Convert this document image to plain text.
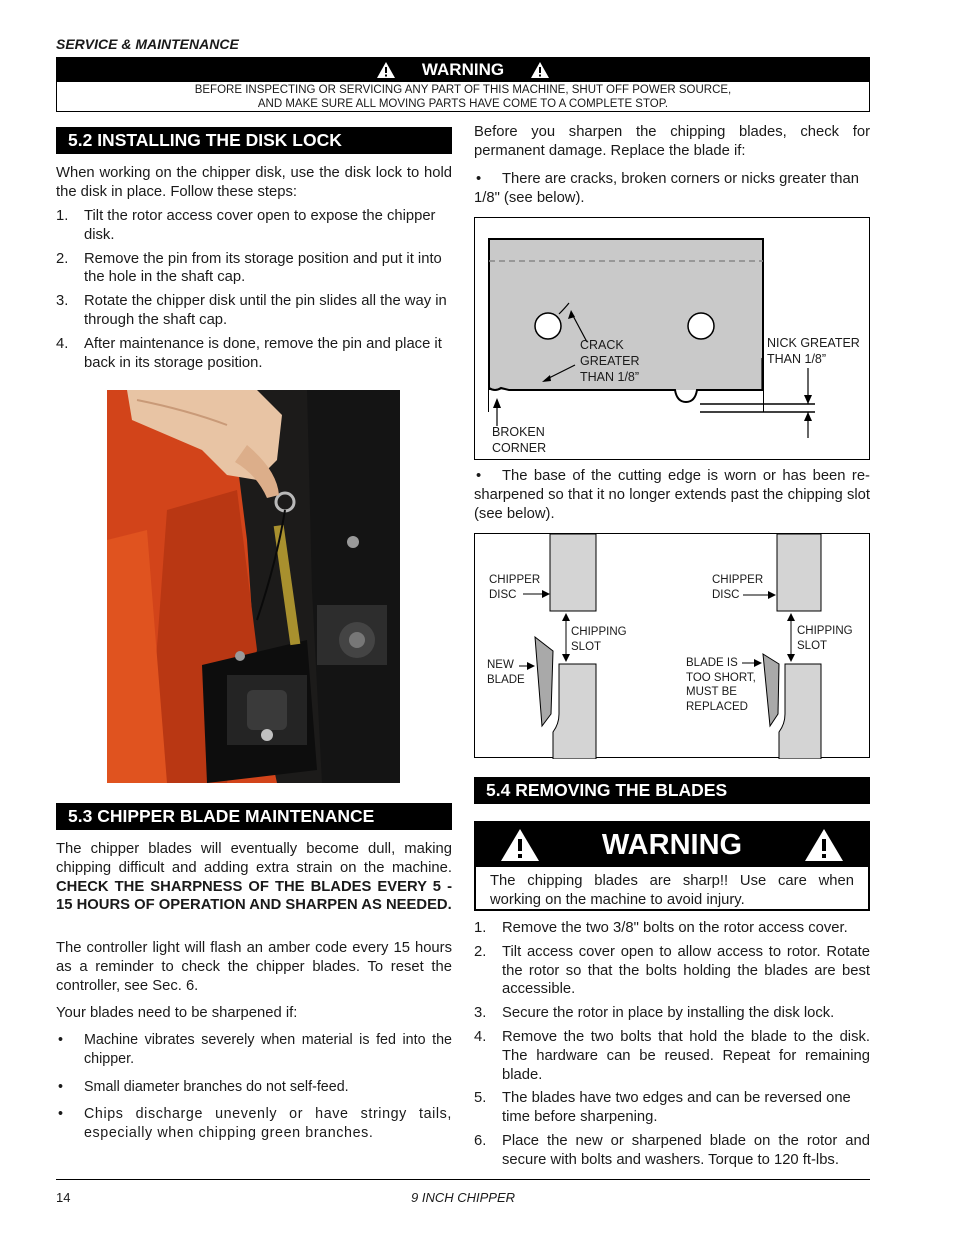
SERVICE & MAINTENANCE
WARNING
BEFORE INSPECTING OR SERVICING ANY PART OF THIS MACHINE, SHUT OFF POWER SOURCE,
AND MAKE SURE ALL MOVING PARTS HAVE COME TO A COMPLETE STOP.
5.2 INSTALLING THE DISK LOCK
When working on the chipper disk, use the disk lock to hold the disk in place. Follow these steps:
1. Tilt the rotor access cover open to expose the chipper disk.
2. Remove the pin from its storage position and put it into the hole in the shaft cap.
3. Rotate the chipper disk until the pin slides all the way in through the shaft cap.
4. After maintenance is done, remove the pin and place it back in its storage position.
5.3 CHIPPER BLADE MAINTENANCE
The chipper blades will eventually become dull, making chipping difficult and adding extra strain on the machine. CHECK THE SHARPNESS OF THE BLADES EVERY 5 - 15 HOURS OF OPERATION AND SHARPEN AS NEEDED.
The controller light will flash an amber code every 15 hours as a reminder to check the chipper blades. To reset the controller, see Sec. 6.
Your blades need to be sharpened if:
• Machine vibrates severely when material is fed into the chipper.
• Small diameter branches do not self-feed.
• Chips discharge unevenly or have stringy tails, especially when chipping green branches.
Before you sharpen the chipping blades, check for permanent damage. Replace the blade if:
•	There are cracks, broken corners or nicks greater than 1/8" (see below).
CRACK
GREATER
THAN 1/8”
NICK GREATER
THAN 1/8”
BROKEN
CORNER
•	The base of the cutting edge is worn or has been re-sharpened so that it no longer extends past the chipping slot (see below).
CHIPPER
DISC
CHIPPING
SLOT
NEW
BLADE
CHIPPER
DISC
CHIPPING
SLOT
BLADE IS
TOO SHORT,
MUST BE
REPLACED
5.4 REMOVING THE BLADES
WARNING
The chipping blades are sharp!! Use care when working on the machine to avoid injury.
1. Remove the two 3/8" bolts on the rotor access cover.
2. Tilt access cover open to allow access to rotor. Rotate the rotor so that the bolts holding the blades are best accessible.
3. Secure the rotor in place by installing the disk lock.
4. Remove the two bolts that hold the blade to the disk. The hardware can be reused. Repeat for remaining blade.
5. The blades have two edges and can be reversed one time before sharpening.
6. Place the new or sharpened blade on the rotor and secure with bolts and washers. Torque to 120 ft-lbs.
14	9 INCH CHIPPER
